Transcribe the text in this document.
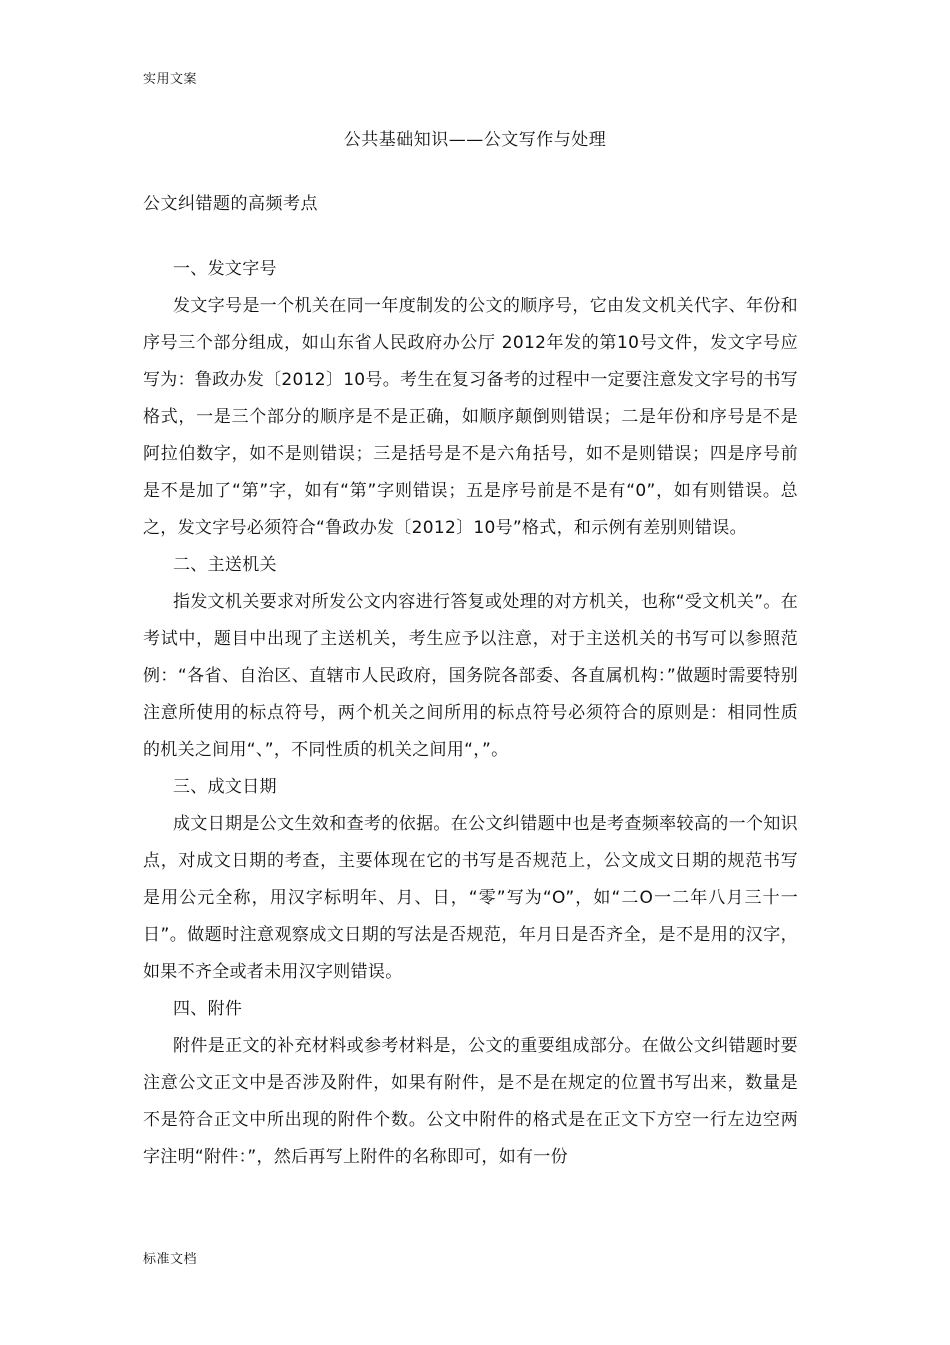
实用文案
公共基础知识——公文写作与处理
公文纠错题的高频考点

一、发文字号

发文字号是一个机关在同一年度制发的公文的顺序号，它由发文机关代字、年份和序号三个部分组成，如山东省人民政府办公厅 2012年发的第10号文件，发文字号应写为：鲁政办发〔2012〕10号。考生在复习备考的过程中一定要注意发文字号的书写格式，一是三个部分的顺序是不是正确，如顺序颠倒则错误；二是年份和序号是不是阿拉伯数字，如不是则错误；三是括号是不是六角括号，如不是则错误；四是序号前是不是加了“第”字，如有“第”字则错误；五是序号前是不是有“0”，如有则错误。总之，发文字号必须符合“鲁政办发〔2012〕10号”格式，和示例有差别则错误。

二、主送机关

指发文机关要求对所发公文内容进行答复或处理的对方机关，也称“受文机关”。在考试中，题目中出现了主送机关，考生应予以注意，对于主送机关的书写可以参照范例：“各省、自治区、直辖市人民政府，国务院各部委、各直属机构：”做题时需要特别注意所使用的标点符号，两个机关之间所用的标点符号必须符合的原则是：相同性质的机关之间用“、”，不同性质的机关之间用“，”。

三、成文日期

成文日期是公文生效和查考的依据。在公文纠错题中也是考查频率较高的一个知识点，对成文日期的考查，主要体现在它的书写是否规范上，公文成文日期的规范书写是用公元全称，用汉字标明年、月、日，“零”写为“O”，如“二O一二年八月三十一日”。做题时注意观察成文日期的写法是否规范，年月日是否齐全，是不是用的汉字，如果不齐全或者未用汉字则错误。

四、附件

附件是正文的补充材料或参考材料是，公文的重要组成部分。在做公文纠错题时要注意公文正文中是否涉及附件，如果有附件，是不是在规定的位置书写出来，数量是不是符合正文中所出现的附件个数。公文中附件的格式是在正文下方空一行左边空两字注明“附件：”，然后再写上附件的名称即可，如有一份

标准文档
